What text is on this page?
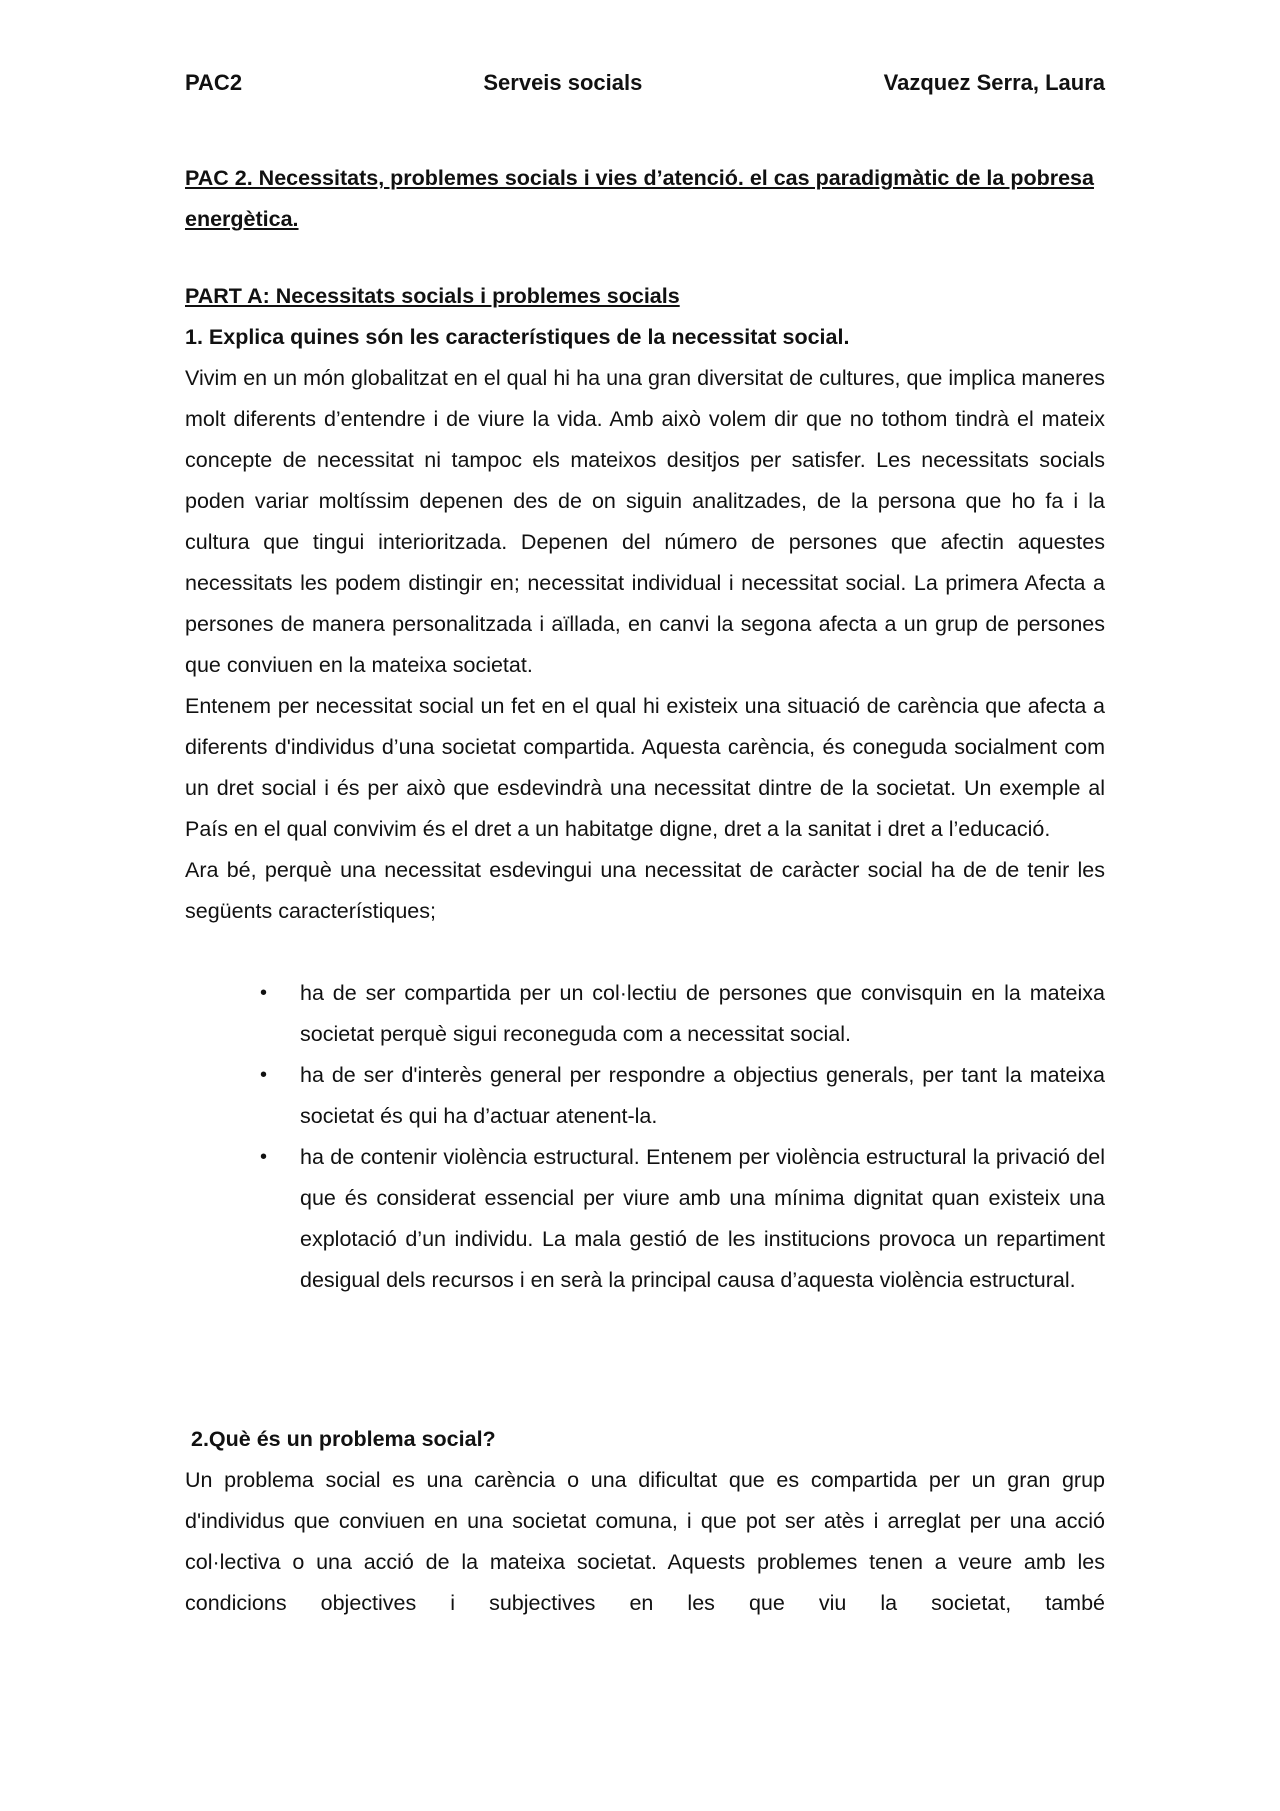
PAC2	Serveis socials	Vazquez Serra, Laura
PAC 2. Necessitats, problemes socials i vies d’atenció. el cas paradigmàtic de la pobresa energètica.
PART A: Necessitats socials i problemes socials
1. Explica quines són les característiques de la necessitat social.

Vivim en un món globalitzat en el qual hi ha una gran diversitat de cultures, que implica maneres molt diferents d’entendre i de viure la vida. Amb això volem dir que no tothom tindrà el mateix concepte de necessitat ni tampoc els mateixos desitjos per satisfer. Les necessitats socials poden variar moltíssim depenen des de on siguin analitzades, de la persona que ho fa i la cultura que tingui interioritzada. Depenen del número de persones que afectin aquestes necessitats les podem distingir en; necessitat individual i necessitat social. La primera Afecta a persones de manera personalitzada i aïllada, en canvi la segona afecta a un grup de persones que conviuen en la mateixa societat.

Entenem per necessitat social un fet en el qual hi existeix una situació de carència que afecta a diferents d'individus d’una societat compartida. Aquesta carència, és coneguda socialment com un dret social i és per això que esdevindrà una necessitat dintre de la societat. Un exemple al País en el qual convivim és el dret a un habitatge digne, dret a la sanitat i dret a l’educació.

Ara bé, perquè una necessitat esdevingui una necessitat de caràcter social ha de de tenir les següents característiques;

• ha de ser compartida per un col·lectiu de persones que convisquin en la mateixa societat perquè sigui reconeguda com a necessitat social.
• ha de ser d'interès general per respondre a objectius generals, per tant la mateixa societat és qui ha d’actuar atenent-la.
• ha de contenir violència estructural. Entenem per violència estructural la privació del que és considerat essencial per viure amb una mínima dignitat quan existeix una explotació d’un individu. La mala gestió de les institucions provoca un repartiment desigual dels recursos i en serà la principal causa d’aquesta violència estructural.
2.Què és un problema social?

Un problema social es una carència o una dificultat que es compartida per un gran grup d'individus que conviuen en una societat comuna, i que pot ser atès i arreglat per una acció col·lectiva o una acció de la mateixa societat. Aquests problemes tenen a veure amb les condicions objectives i subjectives en les que viu la societat, també
